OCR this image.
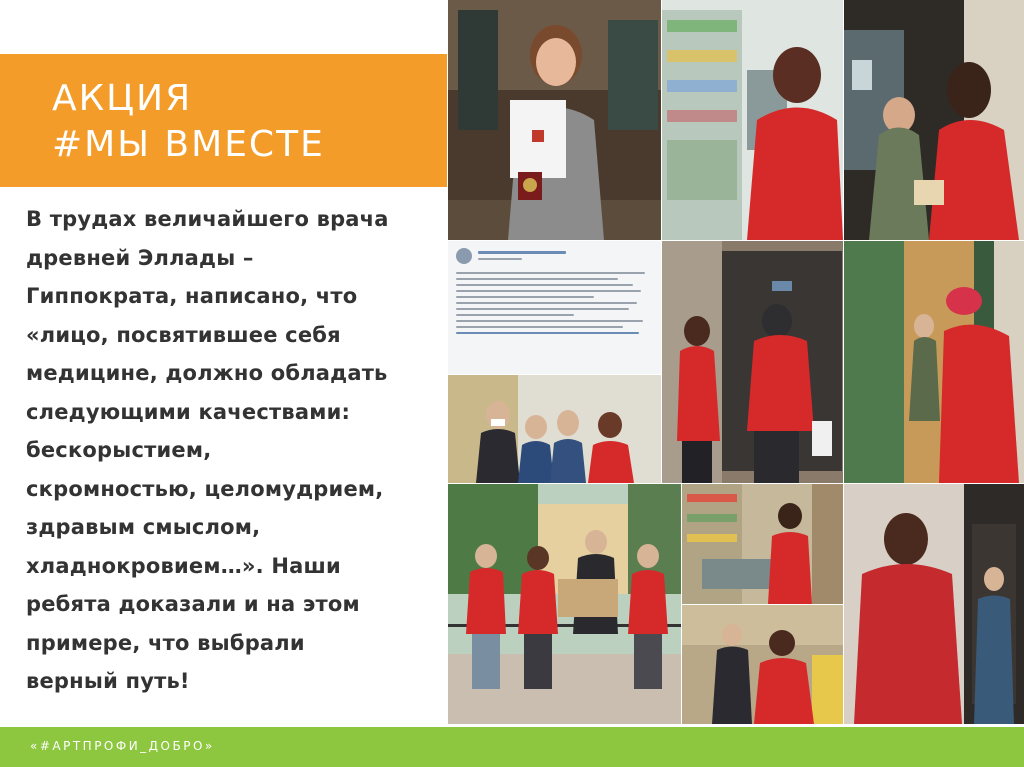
АКЦИЯ
#МЫ ВМЕСТЕ
В трудах величайшего врача
древней Эллады –
Гиппократа, написано, что
«лицо, посвятившее себя
медицине, должно обладать
следующими качествами:
бескорыстием,
скромностью, целомудрием,
здравым смыслом,
хладнокровием…». Наши
ребята доказали и на этом
примере, что выбрали
верный путь!
«#АРТПРОФИ_ДОБРО»
